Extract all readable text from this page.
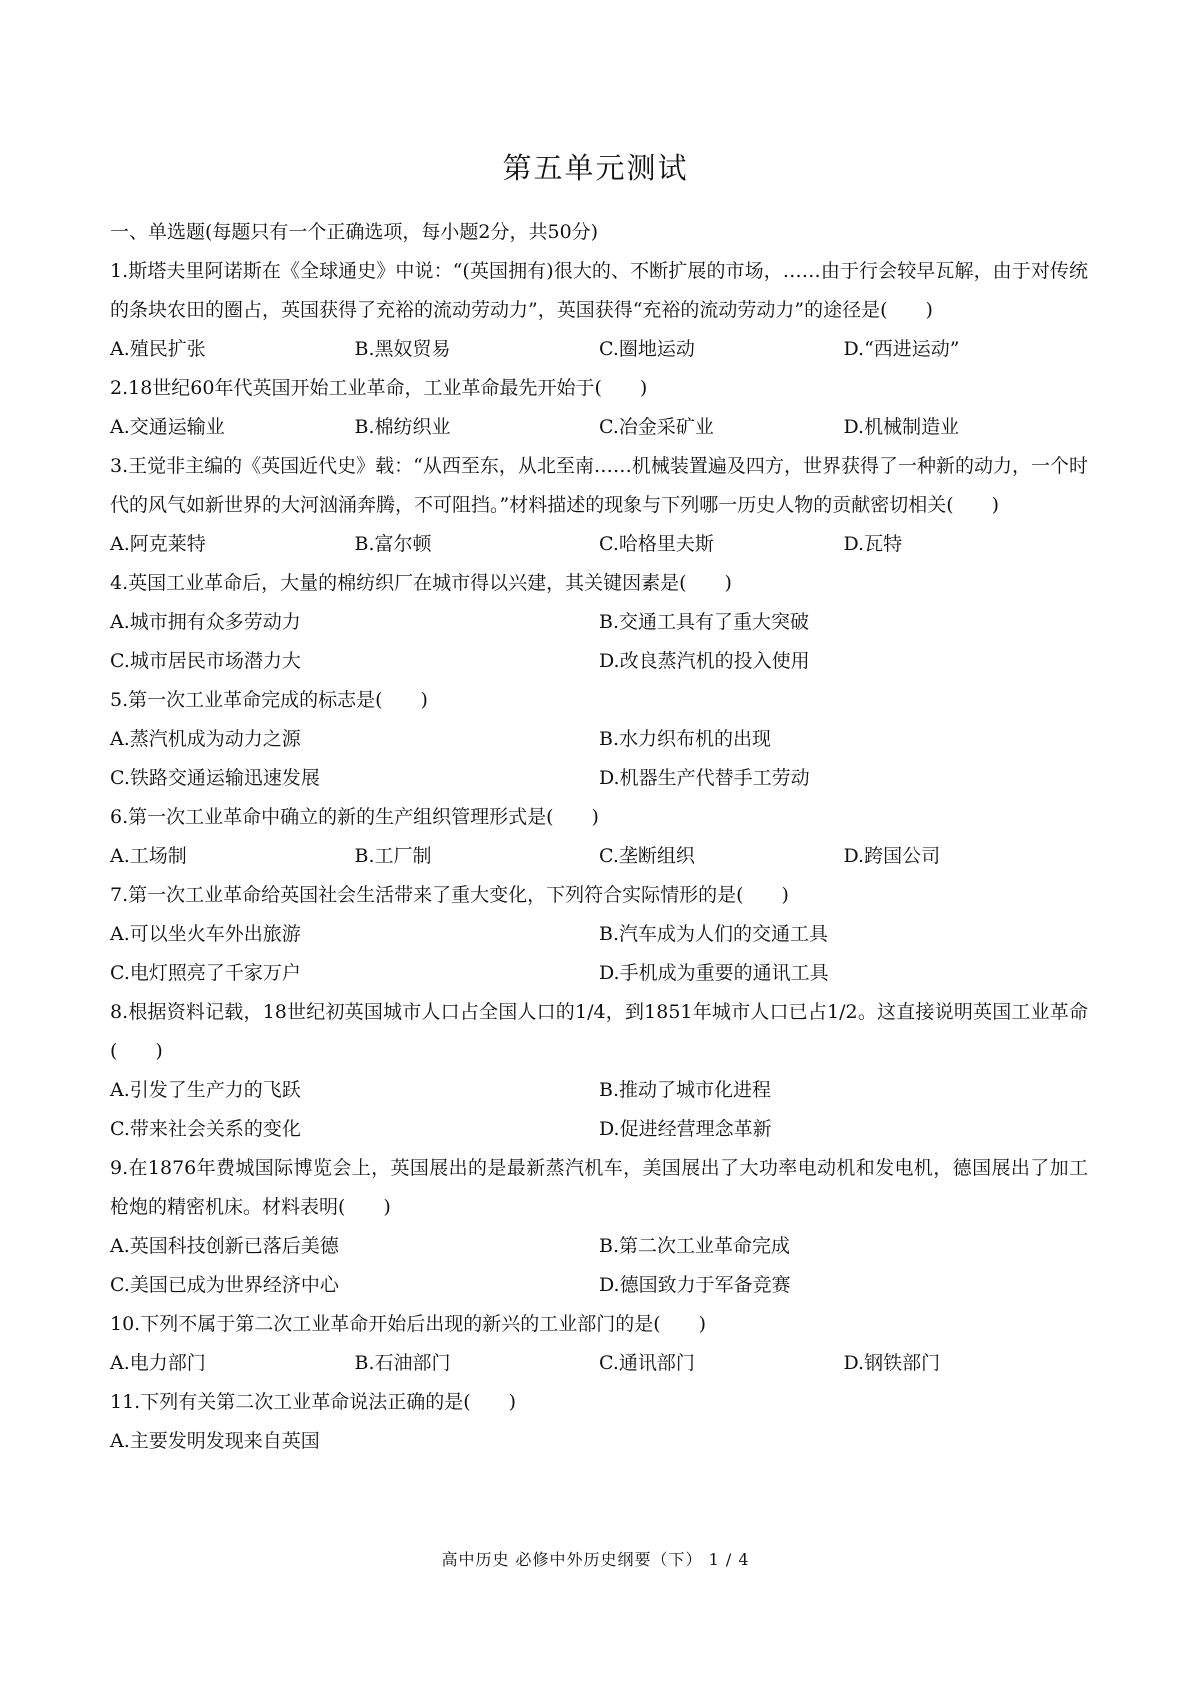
第五单元测试
一、单选题(每题只有一个正确选项，每小题2分，共50分)
1.斯塔夫里阿诺斯在《全球通史》中说：“(英国拥有)很大的、不断扩展的市场，……由于行会较早瓦解，由于对传统的条块农田的圈占，英国获得了充裕的流动劳动力”，英国获得“充裕的流动劳动力”的途径是(　　)
A.殖民扩张	B.黑奴贸易	C.圈地运动	D.“西进运动”
2.18世纪60年代英国开始工业革命，工业革命最先开始于(　　)
A.交通运输业	B.棉纺织业	C.冶金采矿业	D.机械制造业
3.王觉非主编的《英国近代史》载：“从西至东，从北至南……机械装置遍及四方，世界获得了一种新的动力，一个时代的风气如新世界的大河汹涌奔腾，不可阻挡。”材料描述的现象与下列哪一历史人物的贡献密切相关(　　)
A.阿克莱特	B.富尔顿	C.哈格里夫斯	D.瓦特
4.英国工业革命后，大量的棉纺织厂在城市得以兴建，其关键因素是(　　)
A.城市拥有众多劳动力	B.交通工具有了重大突破
C.城市居民市场潜力大	D.改良蒸汽机的投入使用
5.第一次工业革命完成的标志是(　　)
A.蒸汽机成为动力之源	B.水力织布机的出现
C.铁路交通运输迅速发展	D.机器生产代替手工劳动
6.第一次工业革命中确立的新的生产组织管理形式是(　　)
A.工场制	B.工厂制	C.垄断组织	D.跨国公司
7.第一次工业革命给英国社会生活带来了重大变化，下列符合实际情形的是(　　)
A.可以坐火车外出旅游	B.汽车成为人们的交通工具
C.电灯照亮了千家万户	D.手机成为重要的通讯工具
8.根据资料记载，18世纪初英国城市人口占全国人口的1/4，到1851年城市人口已占1/2。这直接说明英国工业革命(　　)
A.引发了生产力的飞跃	B.推动了城市化进程
C.带来社会关系的变化	D.促进经营理念革新
9.在1876年费城国际博览会上，英国展出的是最新蒸汽机车，美国展出了大功率电动机和发电机，德国展出了加工枪炮的精密机床。材料表明(　　)
A.英国科技创新已落后美德	B.第二次工业革命完成
C.美国已成为世界经济中心	D.德国致力于军备竞赛
10.下列不属于第二次工业革命开始后出现的新兴的工业部门的是(　　)
A.电力部门	B.石油部门	C.通讯部门	D.钢铁部门
11.下列有关第二次工业革命说法正确的是(　　)
A.主要发明发现来自英国
高中历史 必修中外历史纲要（下） 1 / 4
